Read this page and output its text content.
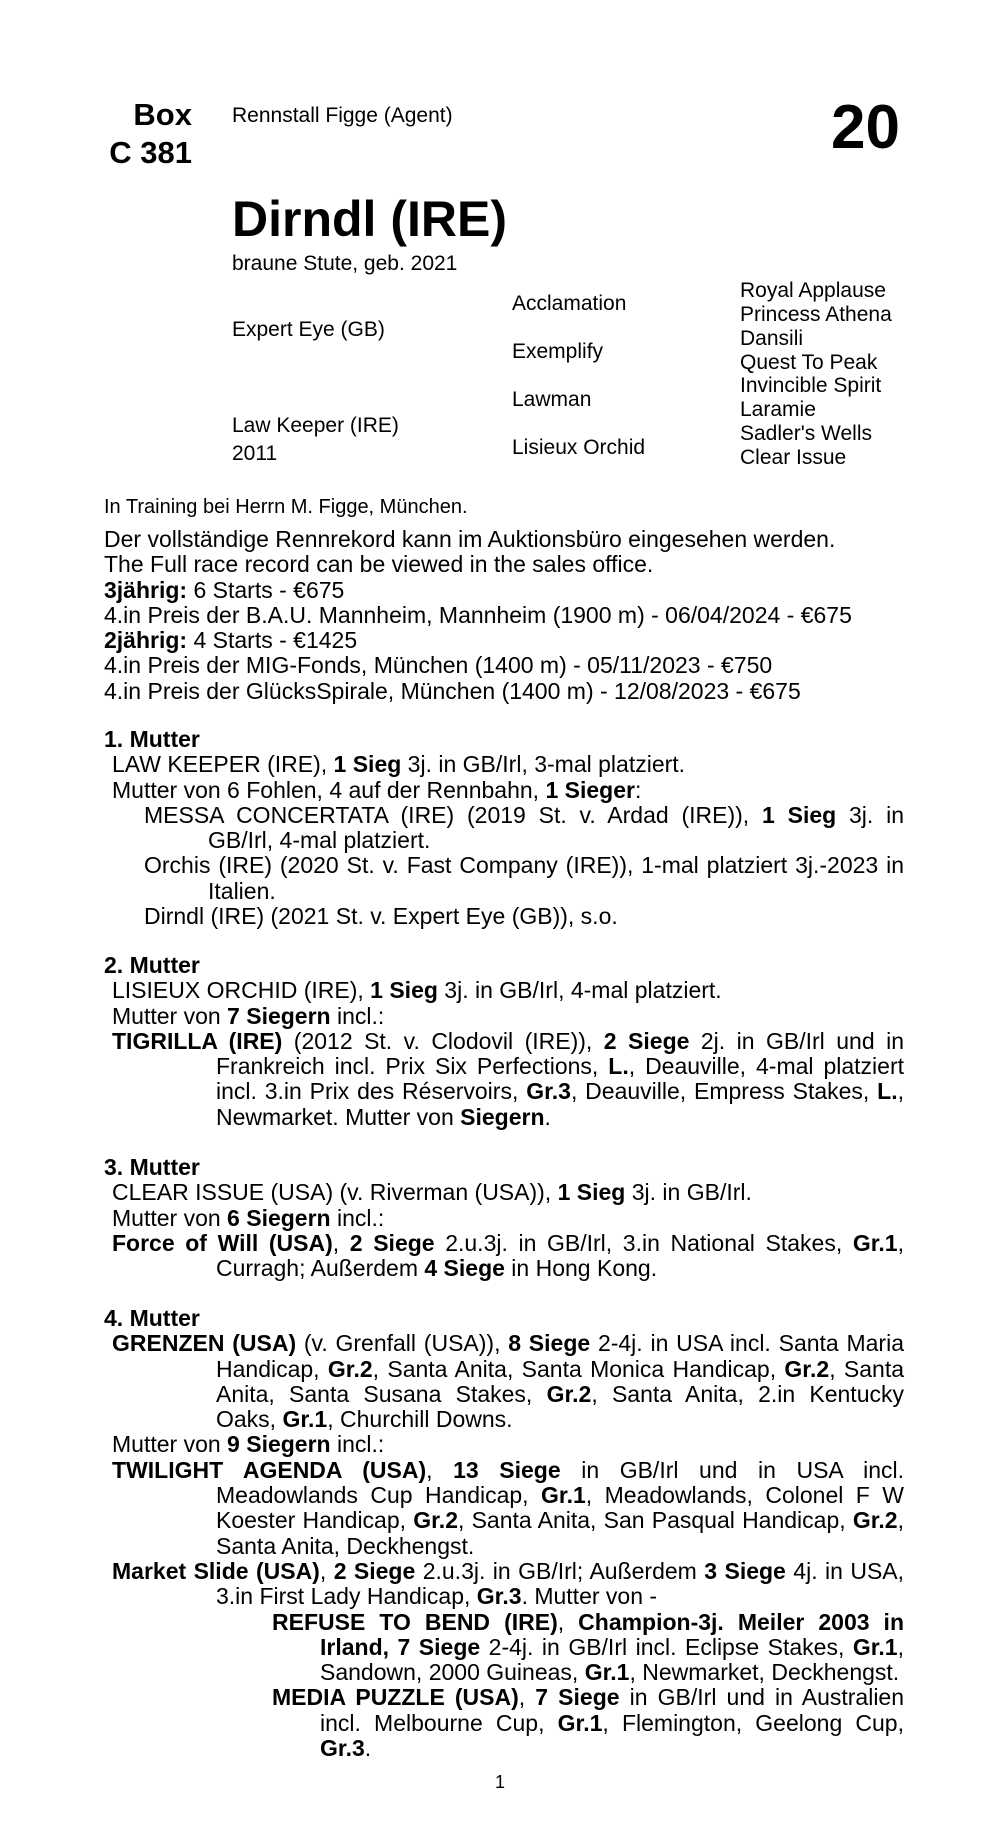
Box
C 381
Rennstall Figge (Agent)	20
Dirndl (IRE)
braune Stute, geb. 2021
Expert Eye (GB)
Law Keeper (IRE)
2011
Acclamation
Exemplify
Lawman
Lisieux Orchid
Royal Applause
Princess Athena
Dansili
Quest To Peak
Invincible Spirit
Laramie
Sadler's Wells
Clear Issue
In Training bei Herrn M. Figge, München.

Der vollständige Rennrekord kann im Auktionsbüro eingesehen werden.

The Full race record can be viewed in the sales office.

3jährig: 6 Starts - €675

4.in Preis der B.A.U. Mannheim, Mannheim (1900 m) - 06/04/2024 - €675

2jährig: 4 Starts - €1425

4.in Preis der MIG-Fonds, München (1400 m) - 05/11/2023 - €750

4.in Preis der GlücksSpirale, München (1400 m) - 12/08/2023 - €675

1. Mutter

LAW KEEPER (IRE), 1 Sieg 3j. in GB/Irl, 3-mal platziert.

Mutter von 6 Fohlen, 4 auf der Rennbahn, 1 Sieger:

MESSA CONCERTATA (IRE) (2019 St. v. Ardad (IRE)), 1 Sieg 3j. in GB/Irl, 4-mal platziert.

Orchis (IRE) (2020 St. v. Fast Company (IRE)), 1-mal platziert 3j.-2023 in Italien.

Dirndl (IRE) (2021 St. v. Expert Eye (GB)), s.o.

2. Mutter

LISIEUX ORCHID (IRE), 1 Sieg 3j. in GB/Irl, 4-mal platziert.

Mutter von 7 Siegern incl.:

TIGRILLA (IRE) (2012 St. v. Clodovil (IRE)), 2 Siege 2j. in GB/Irl und in Frankreich incl. Prix Six Perfections, L., Deauville, 4-mal platziert incl. 3.in Prix des Réservoirs, Gr.3, Deauville, Empress Stakes, L., Newmarket. Mutter von Siegern.

3. Mutter

CLEAR ISSUE (USA) (v. Riverman (USA)), 1 Sieg 3j. in GB/Irl.

Mutter von 6 Siegern incl.:

Force of Will (USA), 2 Siege 2.u.3j. in GB/Irl, 3.in National Stakes, Gr.1, Curragh; Außerdem 4 Siege in Hong Kong.

4. Mutter

GRENZEN (USA) (v. Grenfall (USA)), 8 Siege 2-4j. in USA incl. Santa Maria Handicap, Gr.2, Santa Anita, Santa Monica Handicap, Gr.2, Santa Anita, Santa Susana Stakes, Gr.2, Santa Anita, 2.in Kentucky Oaks, Gr.1, Churchill Downs.

Mutter von 9 Siegern incl.:

TWILIGHT AGENDA (USA), 13 Siege in GB/Irl und in USA incl. Meadowlands Cup Handicap, Gr.1, Meadowlands, Colonel F W Koester Handicap, Gr.2, Santa Anita, San Pasqual Handicap, Gr.2, Santa Anita, Deckhengst.

Market Slide (USA), 2 Siege 2.u.3j. in GB/Irl; Außerdem 3 Siege 4j. in USA, 3.in First Lady Handicap, Gr.3. Mutter von -

REFUSE TO BEND (IRE), Champion-3j. Meiler 2003 in Irland, 7 Siege 2-4j. in GB/Irl incl. Eclipse Stakes, Gr.1, Sandown, 2000 Guineas, Gr.1, Newmarket, Deckhengst.

MEDIA PUZZLE (USA), 7 Siege in GB/Irl und in Australien incl. Melbourne Cup, Gr.1, Flemington, Geelong Cup, Gr.3.

1
